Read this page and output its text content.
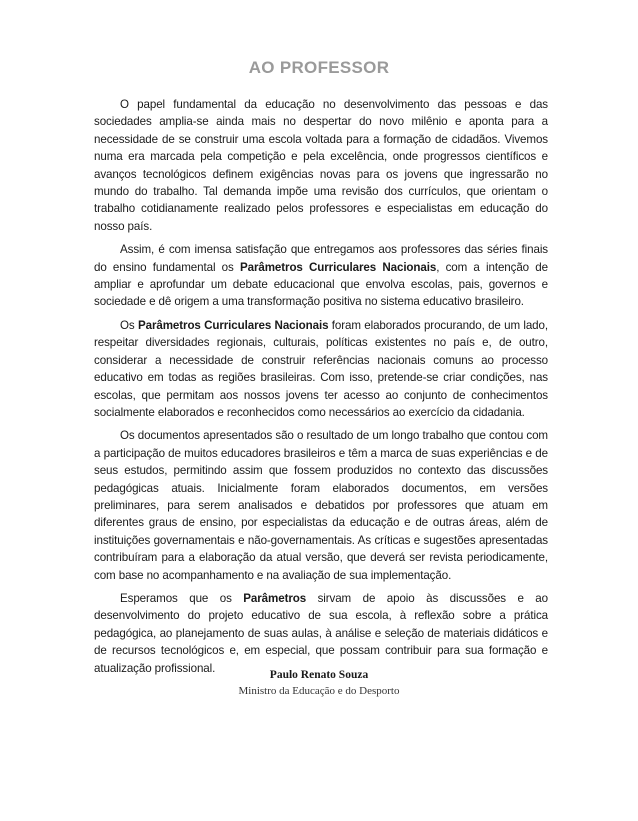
AO PROFESSOR

O papel fundamental da educação no desenvolvimento das pessoas e das sociedades amplia-se ainda mais no despertar do novo milênio e aponta para a necessidade de se construir uma escola voltada para a formação de cidadãos. Vivemos numa era marcada pela competição e pela excelência, onde progressos científicos e avanços tecnológicos definem exigências novas para os jovens que ingressarão no mundo do trabalho. Tal demanda impõe uma revisão dos currículos, que orientam o trabalho cotidianamente realizado pelos professores e especialistas em educação do nosso país.

Assim, é com imensa satisfação que entregamos aos professores das séries finais do ensino fundamental os Parâmetros Curriculares Nacionais, com a intenção de ampliar e aprofundar um debate educacional que envolva escolas, pais, governos e sociedade e dê origem a uma transformação positiva no sistema educativo brasileiro.

Os Parâmetros Curriculares Nacionais foram elaborados procurando, de um lado, respeitar diversidades regionais, culturais, políticas existentes no país e, de outro, considerar a necessidade de construir referências nacionais comuns ao processo educativo em todas as regiões brasileiras. Com isso, pretende-se criar condições, nas escolas, que permitam aos nossos jovens ter acesso ao conjunto de conhecimentos socialmente elaborados e reconhecidos como necessários ao exercício da cidadania.

Os documentos apresentados são o resultado de um longo trabalho que contou com a participação de muitos educadores brasileiros e têm a marca de suas experiências e de seus estudos, permitindo assim que fossem produzidos no contexto das discussões pedagógicas atuais. Inicialmente foram elaborados documentos, em versões preliminares, para serem analisados e debatidos por professores que atuam em diferentes graus de ensino, por especialistas da educação e de outras áreas, além de instituições governamentais e não-governamentais. As críticas e sugestões apresentadas contribuíram para a elaboração da atual versão, que deverá ser revista periodicamente, com base no acompanhamento e na avaliação de sua implementação.

Esperamos que os Parâmetros sirvam de apoio às discussões e ao desenvolvimento do projeto educativo de sua escola, à reflexão sobre a prática pedagógica, ao planejamento de suas aulas, à análise e seleção de materiais didáticos e de recursos tecnológicos e, em especial, que possam contribuir para sua formação e atualização profissional.

Paulo Renato Souza
Ministro da Educação e do Desporto
